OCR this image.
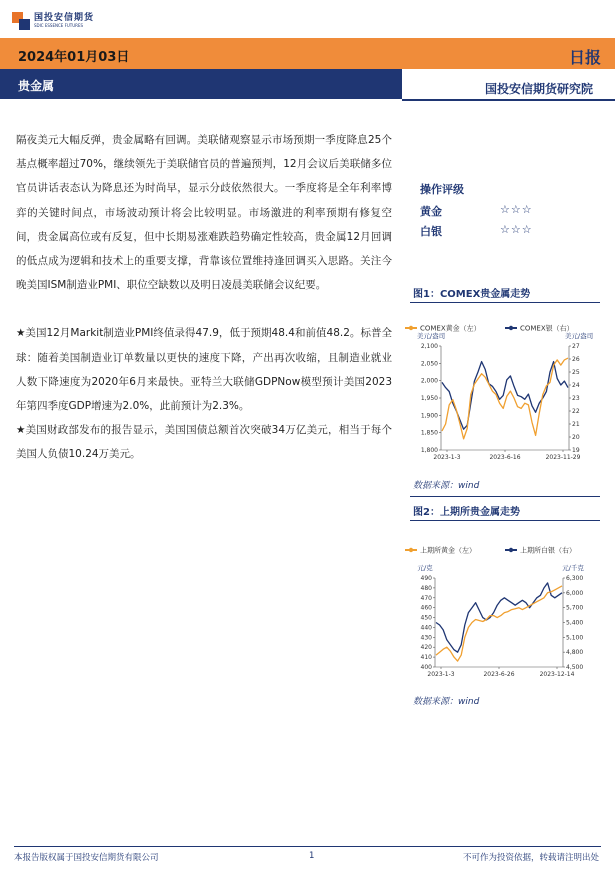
国投安信期货
SDIC ESSENCE FUTURES
2024年01月03日	日报
贵金属	国投安信期货研究院

隔夜美元大幅反弹，贵金属略有回调。美联储观察显示市场预期一季度降息25个基点概率超过70%，继续领先于美联储官员的普遍预判，12月会议后美联储多位官员讲话表态认为降息还为时尚早，显示分歧依然很大。一季度将是全年利率博弈的关键时间点，市场波动预计将会比较明显。市场激进的利率预期有修复空间，贵金属高位或有反复，但中长期易涨难跌趋势确定性较高，贵金属12月回调的低点成为逻辑和技术上的重要支撑，背靠该位置维持逢回调买入思路。关注今晚美国ISM制造业PMI、职位空缺数以及明日凌晨美联储会议纪要。

★美国12月Markit制造业PMI终值录得47.9，低于预期48.4和前值48.2。标普全球：随着美国制造业订单数量以更快的速度下降，产出再次收缩，且制造业就业人数下降速度为2020年6月来最快。亚特兰大联储GDPNow模型预计美国2023年第四季度GDP增速为2.0%，此前预计为2.3%。

★美国财政部发布的报告显示，美国国债总额首次突破34万亿美元，相当于每个美国人负债10.24万美元。

操作评级
黄金	☆☆☆
白银	☆☆☆
图1：COMEX贵金属走势
COMEX黄金（左）	COMEX银（右）
美元/盎司	美元/盎司
1,800
1,850
1,900
1,950
2,000
2,050
2,100
19
20
21
22
23
24
25
26
27
2023-1-3	2023-6-16	2023-11-29
数据来源：wind
图2：上期所贵金属走势
上期所黄金（左）	上期所白银（右）
元/克	元/千克
400
410
420
430
440
450
460
470
480
490
4,500
4,800
5,100
5,400
5,700
6,000
6,300
2023-1-3	2023-6-26	2023-12-14
数据来源：wind
本报告版权属于国投安信期货有限公司	1	不可作为投资依据，转载请注明出处
